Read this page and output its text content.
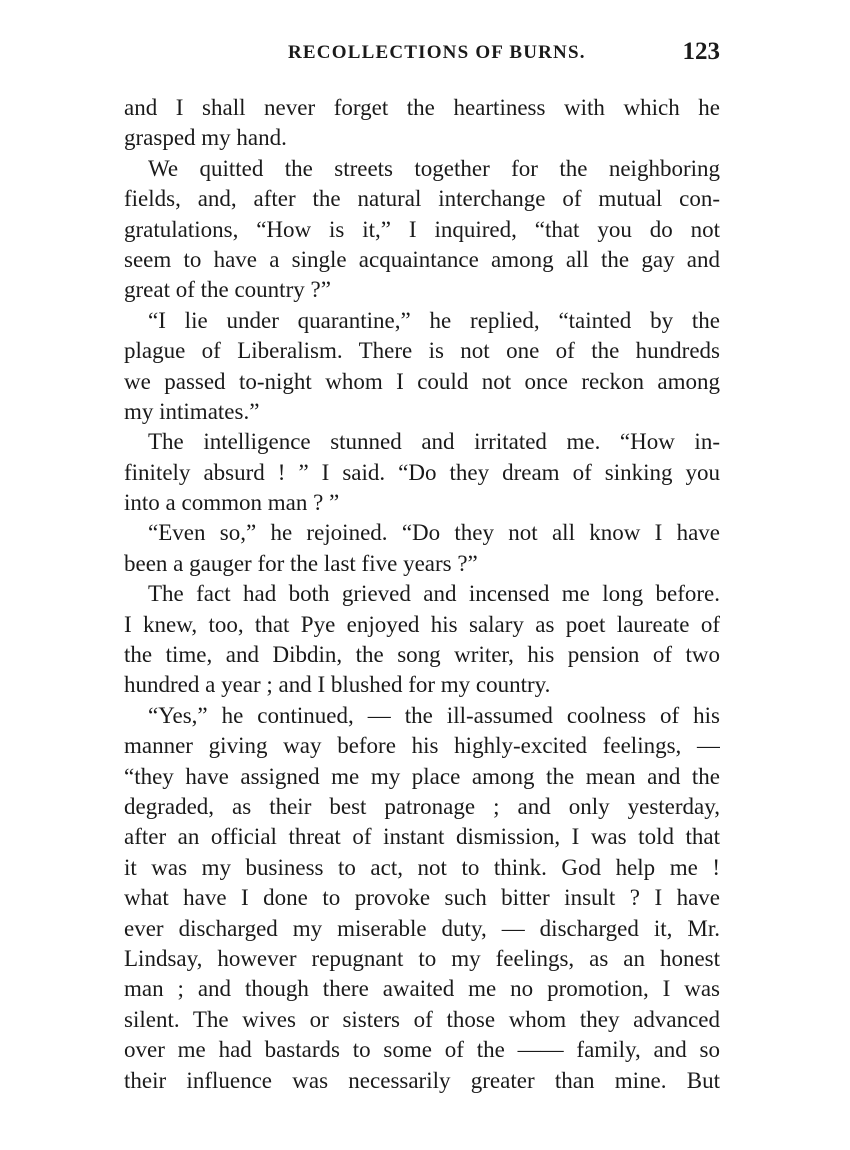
RECOLLECTIONS OF BURNS.	123
and I shall never forget the heartiness with which he
grasped my hand.
We quitted the streets together for the neighboring
fields, and, after the natural interchange of mutual con-
gratulations, “How is it,” I inquired, “that you do not
seem to have a single acquaintance among all the gay and
great of the country ?”
“I lie under quarantine,” he replied, “tainted by the
plague of Liberalism. There is not one of the hundreds
we passed to-night whom I could not once reckon among
my intimates.”
The intelligence stunned and irritated me. “How in-
finitely absurd ! ” I said. “Do they dream of sinking you
into a common man ? ”
“Even so,” he rejoined. “Do they not all know I have
been a gauger for the last five years ?”
The fact had both grieved and incensed me long before.
I knew, too, that Pye enjoyed his salary as poet laureate of
the time, and Dibdin, the song writer, his pension of two
hundred a year ; and I blushed for my country.
“Yes,” he continued, — the ill-assumed coolness of his
manner giving way before his highly-excited feelings, —
“they have assigned me my place among the mean and the
degraded, as their best patronage ; and only yesterday,
after an official threat of instant dismission, I was told that
it was my business to act, not to think. God help me !
what have I done to provoke such bitter insult ? I have
ever discharged my miserable duty, — discharged it, Mr.
Lindsay, however repugnant to my feelings, as an honest
man ; and though there awaited me no promotion, I was
silent. The wives or sisters of those whom they advanced
over me had bastards to some of the —— family, and so
their influence was necessarily greater than mine. But
